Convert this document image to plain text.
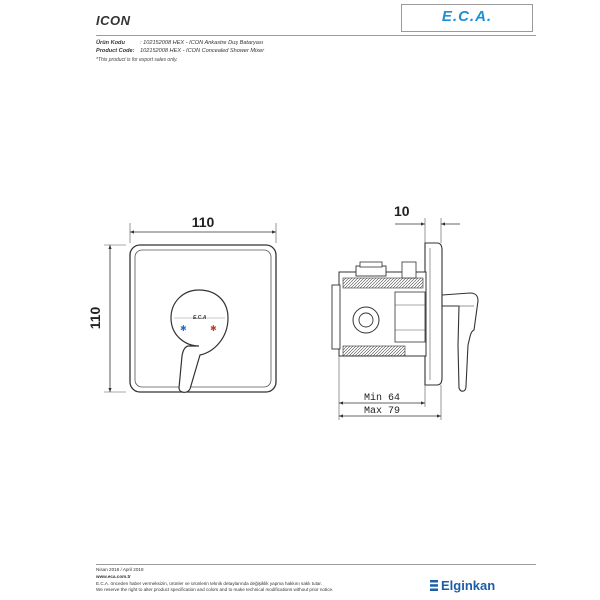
ICON	E.C.A.
Ürün Kodu	: 102152008 HEX - ICON Ankastre Duş Bataryası
Product Code: 102152008 HEX - ICON Concealed Shower Mixer
*This product is for export sales only.
E.C.A
✱	✱
110
110
10
Min 64
Max 79
Nisan 2018 / April 2018
www.eca.com.tr
E.C.A. önceden haber vermeksizin, ürünler ve ürünlerin teknik detaylarında değişiklik yapma hakkını saklı tutar.
We reserve the right to alter product specification and colors and to make technical modifications without prior notice.	Elginkan
